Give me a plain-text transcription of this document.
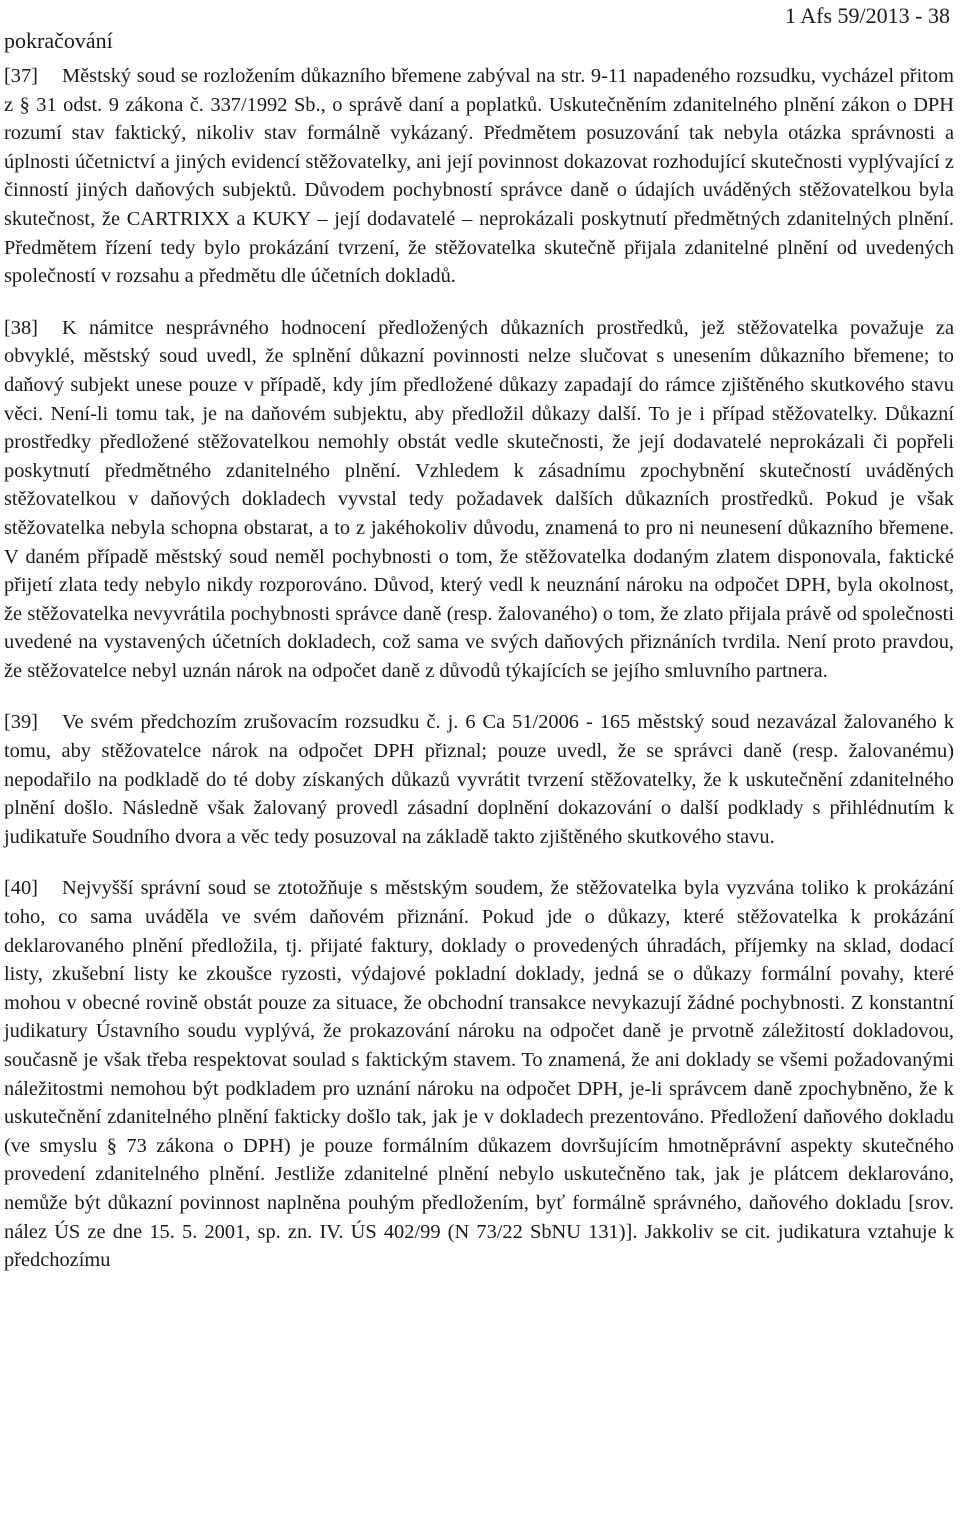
pokračování
1 Afs 59/2013 - 38

[37] Městský soud se rozložením důkazního břemene zabýval na str. 9-11 napadeného rozsudku, vycházel přitom z § 31 odst. 9 zákona č. 337/1992 Sb., o správě daní a poplatků. Uskutečněním zdanitelného plnění zákon o DPH rozumí stav faktický, nikoliv stav formálně vykázaný. Předmětem posuzování tak nebyla otázka správnosti a úplnosti účetnictví a jiných evidencí stěžovatelky, ani její povinnost dokazovat rozhodující skutečnosti vyplývající z činností jiných daňových subjektů. Důvodem pochybností správce daně o údajích uváděných stěžovatelkou byla skutečnost, že CARTRIXX a KUKY – její dodavatelé – neprokázali poskytnutí předmětných zdanitelných plnění. Předmětem řízení tedy bylo prokázání tvrzení, že stěžovatelka skutečně přijala zdanitelné plnění od uvedených společností v rozsahu a předmětu dle účetních dokladů.

[38] K námitce nesprávného hodnocení předložených důkazních prostředků, jež stěžovatelka považuje za obvyklé, městský soud uvedl, že splnění důkazní povinnosti nelze slučovat s unesením důkazního břemene; to daňový subjekt unese pouze v případě, kdy jím předložené důkazy zapadají do rámce zjištěného skutkového stavu věci. Není-li tomu tak, je na daňovém subjektu, aby předložil důkazy další. To je i případ stěžovatelky. Důkazní prostředky předložené stěžovatelkou nemohly obstát vedle skutečnosti, že její dodavatelé neprokázali či popřeli poskytnutí předmětného zdanitelného plnění. Vzhledem k zásadnímu zpochybnění skutečností uváděných stěžovatelkou v daňových dokladech vyvstal tedy požadavek dalších důkazních prostředků. Pokud je však stěžovatelka nebyla schopna obstarat, a to z jakéhokoliv důvodu, znamená to pro ni neunesení důkazního břemene. V daném případě městský soud neměl pochybnosti o tom, že stěžovatelka dodaným zlatem disponovala, faktické přijetí zlata tedy nebylo nikdy rozporováno. Důvod, který vedl k neuznání nároku na odpočet DPH, byla okolnost, že stěžovatelka nevyvrátila pochybnosti správce daně (resp. žalovaného) o tom, že zlato přijala právě od společnosti uvedené na vystavených účetních dokladech, což sama ve svých daňových přiznáních tvrdila. Není proto pravdou, že stěžovatelce nebyl uznán nárok na odpočet daně z důvodů týkajících se jejího smluvního partnera.

[39] Ve svém předchozím zrušovacím rozsudku č. j. 6 Ca 51/2006 - 165 městský soud nezavázal žalovaného k tomu, aby stěžovatelce nárok na odpočet DPH přiznal; pouze uvedl, že se správci daně (resp. žalovanému) nepodařilo na podkladě do té doby získaných důkazů vyvrátit tvrzení stěžovatelky, že k uskutečnění zdanitelného plnění došlo. Následně však žalovaný provedl zásadní doplnění dokazování o další podklady s přihlédnutím k judikatuře Soudního dvora a věc tedy posuzoval na základě takto zjištěného skutkového stavu.

[40] Nejvyšší správní soud se ztotožňuje s městským soudem, že stěžovatelka byla vyzvána toliko k prokázání toho, co sama uváděla ve svém daňovém přiznání. Pokud jde o důkazy, které stěžovatelka k prokázání deklarovaného plnění předložila, tj. přijaté faktury, doklady o provedených úhradách, příjemky na sklad, dodací listy, zkušební listy ke zkoušce ryzosti, výdajové pokladní doklady, jedná se o důkazy formální povahy, které mohou v obecné rovině obstát pouze za situace, že obchodní transakce nevykazují žádné pochybnosti. Z konstantní judikatury Ústavního soudu vyplývá, že prokazování nároku na odpočet daně je prvotně záležitostí dokladovou, současně je však třeba respektovat soulad s faktickým stavem. To znamená, že ani doklady se všemi požadovanými náležitostmi nemohou být podkladem pro uznání nároku na odpočet DPH, je-li správcem daně zpochybněno, že k uskutečnění zdanitelného plnění fakticky došlo tak, jak je v dokladech prezentováno. Předložení daňového dokladu (ve smyslu § 73 zákona o DPH) je pouze formálním důkazem dovršujícím hmotněprávní aspekty skutečného provedení zdanitelného plnění. Jestliže zdanitelné plnění nebylo uskutečněno tak, jak je plátcem deklarováno, nemůže být důkazní povinnost naplněna pouhým předložením, byť formálně správného, daňového dokladu [srov. nález ÚS ze dne 15. 5. 2001, sp. zn. IV. ÚS 402/99 (N 73/22 SbNU 131)]. Jakkoliv se cit. judikatura vztahuje k předchozímu
